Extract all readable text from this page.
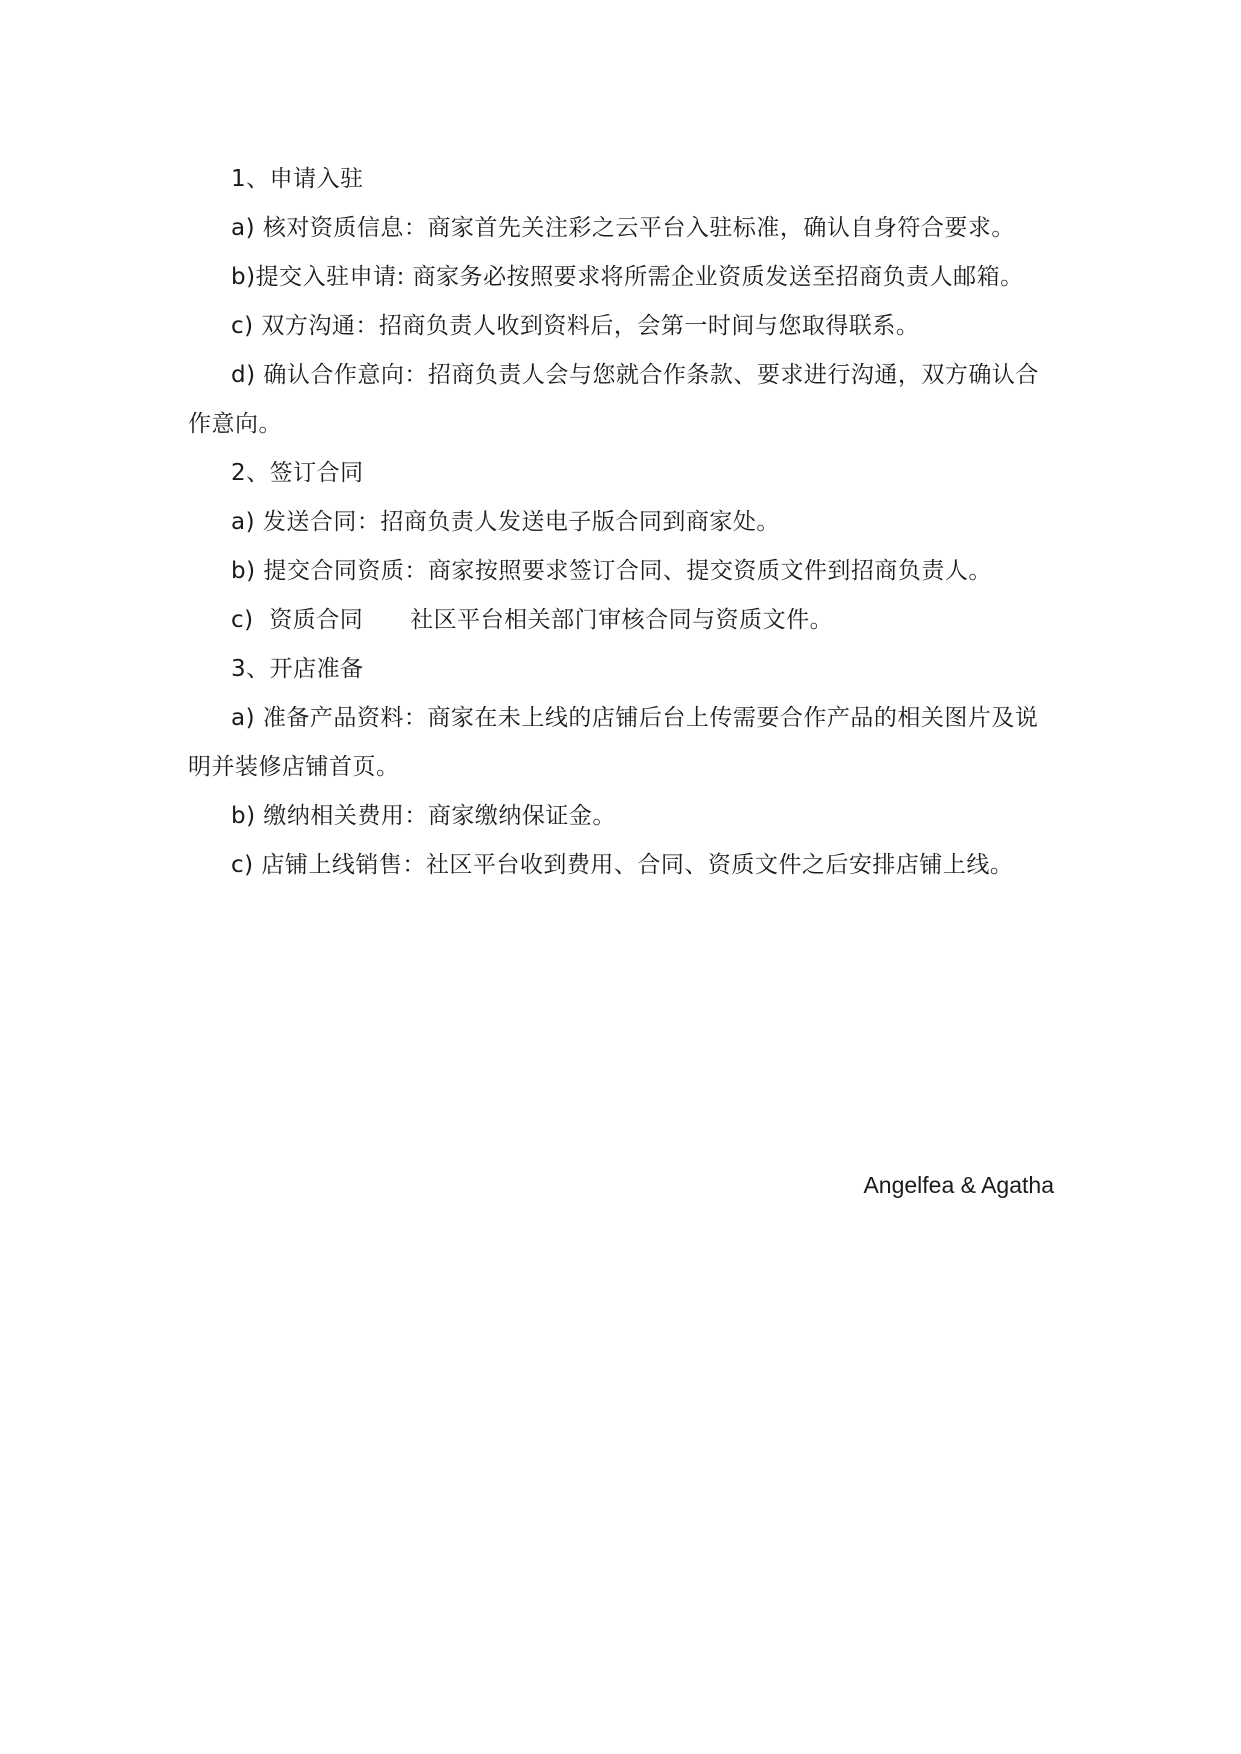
1、申请入驻

a) 核对资质信息：商家首先关注彩之云平台入驻标准，确认自身符合要求。

b)提交入驻申请: 商家务必按照要求将所需企业资质发送至招商负责人邮箱。

c) 双方沟通：招商负责人收到资料后，会第一时间与您取得联系。

d) 确认合作意向：招商负责人会与您就合作条款、要求进行沟通，双方确认合作意向。

2、签订合同

a) 发送合同：招商负责人发送电子版合同到商家处。

b) 提交合同资质：商家按照要求签订合同、提交资质文件到招商负责人。

c)  资质合同      社区平台相关部门审核合同与资质文件。

3、开店准备

a) 准备产品资料：商家在未上线的店铺后台上传需要合作产品的相关图片及说明并装修店铺首页。

b) 缴纳相关费用：商家缴纳保证金。

c) 店铺上线销售：社区平台收到费用、合同、资质文件之后安排店铺上线。

Angelfea & Agatha
